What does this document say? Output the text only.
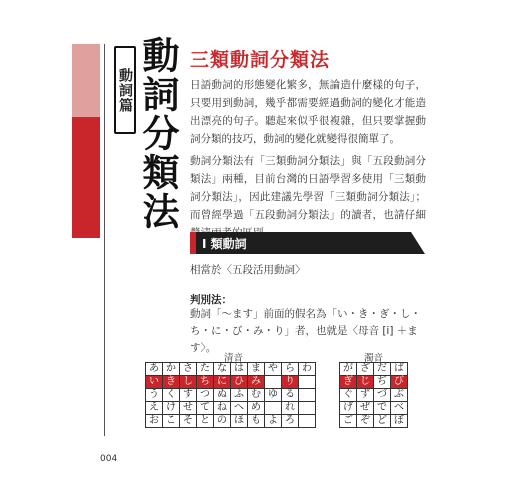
動詞篇 動詞分類法 三類動詞分類法
日語動詞的形態變化繁多，無論造什麼樣的句子，只要用到動詞，幾乎都需要經過動詞的變化才能造出漂亮的句子。聽起來似乎很複雜，但只要掌握動詞分類的技巧，動詞的變化就變得很簡單了。
動詞分類法有「三類動詞分類法」與「五段動詞分類法」兩種，目前台灣的日語學習多使用「三類動詞分類法」，因此建議先學習「三類動詞分類法」；而曾經學過「五段動詞分類法」的讀者，也請仔細
I 類動詞
相當於〈五段活用動詞〉
判別法：
動詞「～ます」前面的假名為「い・き・ぎ・し・ち・に・び・み・り」者，也就是〈母音 [i] ＋ます〉。
清音	濁音
あ	か	さ	た	な	は	ま	や	ら	わ
い	き	し	ち	に	ひ	み		り	
う	く	す	つ	ぬ	ふ	む	ゆ	る	
え	け	せ	て	ね	へ	め		れ	
お	こ	そ	と	の	ほ	も	よ	ろ	
が	ざ	だ	ば
ぎ	じ	ぢ	び
ぐ	ず	づ	ぶ
げ	ぜ	で	べ
ご	ぞ	ど	ぼ
004
